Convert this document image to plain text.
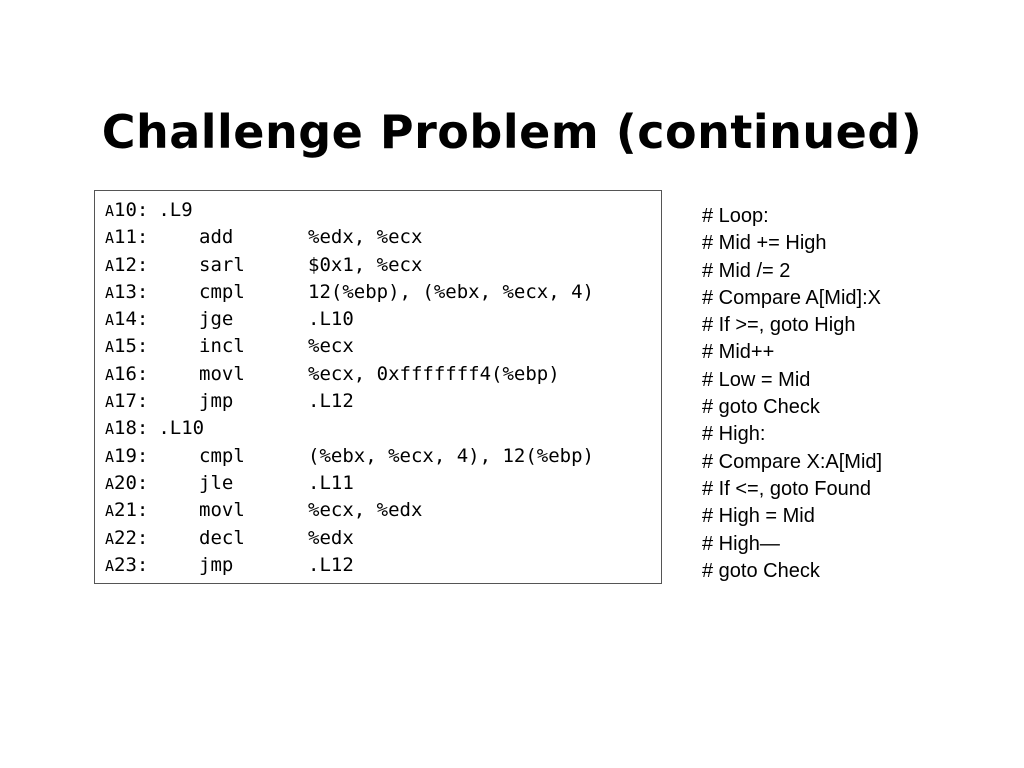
Challenge Problem (continued)
A10: .L9
A11:	add	%edx, %ecx
A12:	sarl	$0x1, %ecx
A13:	cmpl	12(%ebp), (%ebx, %ecx, 4)
A14:	jge	.L10
A15:	incl	%ecx
A16:	movl	%ecx, 0xfffffff4(%ebp)
A17:	jmp	.L12
A18: .L10
A19:	cmpl	(%ebx, %ecx, 4), 12(%ebp)
A20:	jle	.L11
A21:	movl	%ecx, %edx
A22:	decl	%edx
A23:	jmp	.L12
# Loop:
# Mid += High
# Mid /= 2
# Compare A[Mid]:X
# If >=, goto High
# Mid++
# Low = Mid
# goto Check
# High:
# Compare X:A[Mid]
# If <=, goto Found
# High = Mid
# High—
# goto Check
